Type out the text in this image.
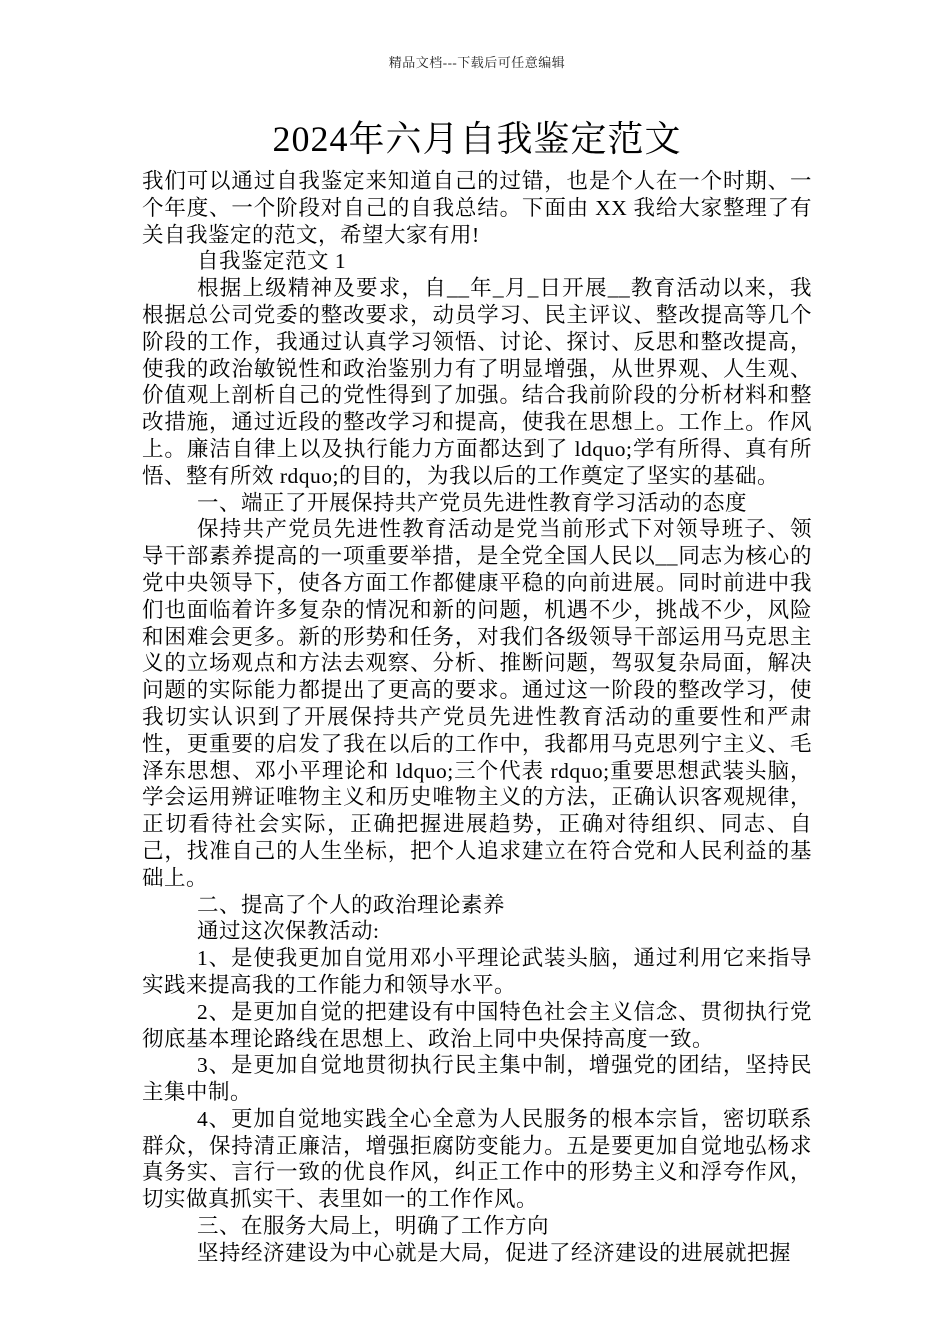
精品文档---下载后可任意编辑
2024年六月自我鉴定范文

我们可以通过自我鉴定来知道自己的过错，也是个人在一个时期、一个年度、一个阶段对自己的自我总结。下面由 XX 我给大家整理了有关自我鉴定的范文，希望大家有用!

自我鉴定范文 1

根据上级精神及要求，自__年_月_日开展__教育活动以来，我根据总公司党委的整改要求，动员学习、民主评议、整改提高等几个阶段的工作，我通过认真学习领悟、讨论、探讨、反思和整改提高，使我的政治敏锐性和政治鉴别力有了明显增强，从世界观、人生观、价值观上剖析自己的党性得到了加强。结合我前阶段的分析材料和整改措施，通过近段的整改学习和提高，使我在思想上。工作上。作风上。廉洁自律上以及执行能力方面都达到了 ldquo;学有所得、真有所悟、整有所效 rdquo;的目的，为我以后的工作奠定了坚实的基础。

一、端正了开展保持共产党员先进性教育学习活动的态度

保持共产党员先进性教育活动是党当前形式下对领导班子、领导干部素养提高的一项重要举措，是全党全国人民以__同志为核心的党中央领导下，使各方面工作都健康平稳的向前进展。同时前进中我们也面临着许多复杂的情况和新的问题，机遇不少，挑战不少，风险和困难会更多。新的形势和任务，对我们各级领导干部运用马克思主义的立场观点和方法去观察、分析、推断问题，驾驭复杂局面，解决问题的实际能力都提出了更高的要求。通过这一阶段的整改学习，使我切实认识到了开展保持共产党员先进性教育活动的重要性和严肃性，更重要的启发了我在以后的工作中，我都用马克思列宁主义、毛泽东思想、邓小平理论和 ldquo;三个代表 rdquo;重要思想武装头脑，学会运用辨证唯物主义和历史唯物主义的方法，正确认识客观规律，正切看待社会实际，正确把握进展趋势，正确对待组织、同志、自己，找准自己的人生坐标，把个人追求建立在符合党和人民利益的基础上。

二、提高了个人的政治理论素养

通过这次保教活动:

1、是使我更加自觉用邓小平理论武装头脑，通过利用它来指导实践来提高我的工作能力和领导水平。

2、是更加自觉的把建设有中国特色社会主义信念、贯彻执行党彻底基本理论路线在思想上、政治上同中央保持高度一致。

3、是更加自觉地贯彻执行民主集中制，增强党的团结，坚持民主集中制。

4、更加自觉地实践全心全意为人民服务的根本宗旨，密切联系群众，保持清正廉洁，增强拒腐防变能力。五是要更加自觉地弘杨求真务实、言行一致的优良作风，纠正工作中的形势主义和浮夸作风，切实做真抓实干、表里如一的工作作风。

三、在服务大局上，明确了工作方向

坚持经济建设为中心就是大局，促进了经济建设的进展就把握
